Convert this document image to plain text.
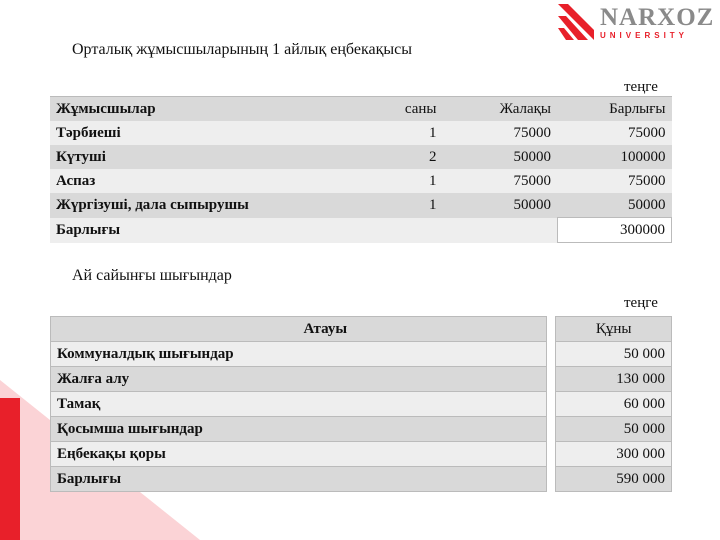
NARXOZ
UNIVERSITY
Орталық жұмысшыларының 1 айлық еңбекақысы
теңге
Жұмысшылар	саны	Жалақы	Барлығы
Тәрбиеші	1	75000	75000
Күтуші	2	50000	100000
Аспаз	1	75000	75000
Жүргізуші, дала сыпырушы	1	50000	50000
Барлығы			300000
Ай сайынғы шығындар
теңге
Атауы		Құны
Коммуналдық шығындар		50 000
Жалға алу		130 000
Тамақ		60 000
Қосымша шығындар		50 000
Еңбекақы қоры		300 000
Барлығы		590 000
